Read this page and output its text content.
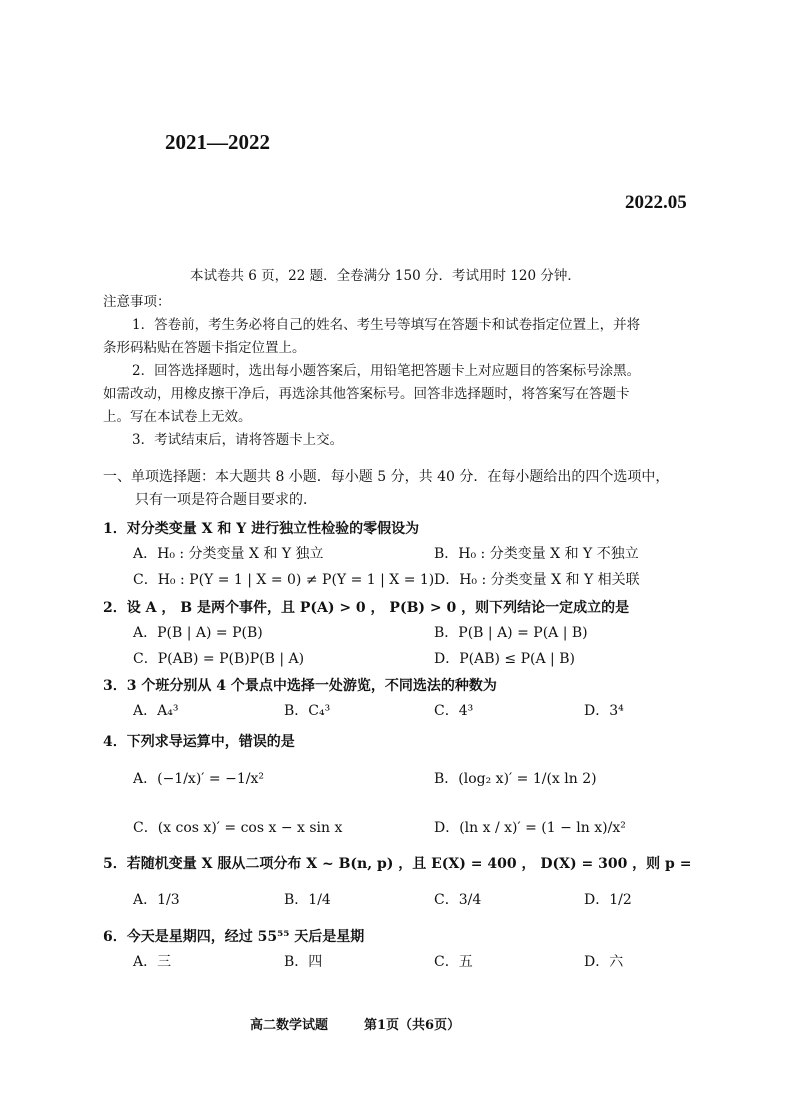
2021—2022
2022.05
本试卷共 6 页，22 题．全卷满分 150 分．考试用时 120 分钟．
注意事项：
1．答卷前，考生务必将自己的姓名、考生号等填写在答题卡和试卷指定位置上，并将
条形码粘贴在答题卡指定位置上。
2．回答选择题时，选出每小题答案后，用铅笔把答题卡上对应题目的答案标号涂黑。
如需改动，用橡皮擦干净后，再选涂其他答案标号。回答非选择题时，将答案写在答题卡
上。写在本试卷上无效。
3．考试结束后，请将答题卡上交。
一、单项选择题：本大题共 8 小题．每小题 5 分，共 40 分．在每小题给出的四个选项中，
只有一项是符合题目要求的．
1．对分类变量 X 和 Y 进行独立性检验的零假设为
A．H₀ : 分类变量 X 和 Y 独立	B．H₀ : 分类变量 X 和 Y 不独立
C．H₀ : P(Y = 1 | X = 0) ≠ P(Y = 1 | X = 1) D．H₀ : 分类变量 X 和 Y 相关联
2．设 A ， B 是两个事件，且 P(A) > 0 ， P(B) > 0 ，则下列结论一定成立的是
A．P(B | A) = P(B)	B．P(B | A) = P(A | B)
C．P(AB) = P(B)P(B | A)	D．P(AB) ≤ P(A | B)
3．3 个班分别从 4 个景点中选择一处游览，不同选法的种数为
A．A₄³	B．C₄³	C．4³	D．3⁴
4．下列求导运算中，错误的是
A．(−1/x)′ = −1/x²	B．(log₂ x)′ = 1/(x ln 2)
C．(x cos x)′ = cos x − x sin x	D．(ln x / x)′ = (1 − ln x)/x²
5．若随机变量 X 服从二项分布 X ~ B(n, p) ，且 E(X) = 400 ， D(X) = 300 ，则 p =
A．1/3	B．1/4	C．3/4	D．1/2
6．今天是星期四，经过 55⁵⁵ 天后是星期
A．三	B．四	C．五	D．六
高二数学试题	第1页（共6页）
